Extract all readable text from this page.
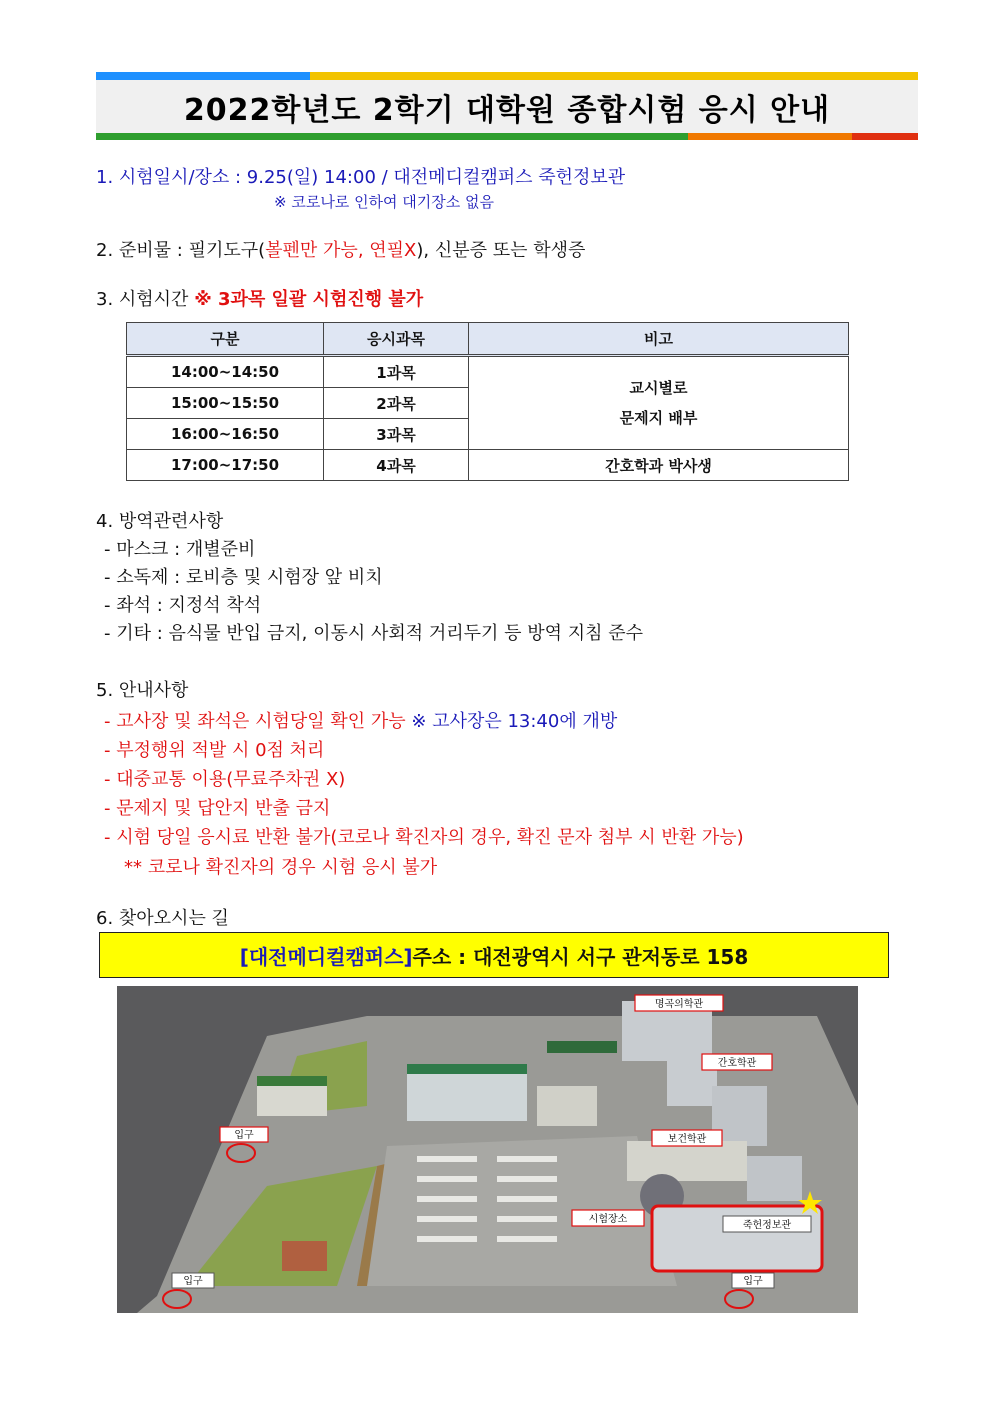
2022학년도 2학기 대학원 종합시험 응시 안내
1. 시험일시/장소 : 9.25(일) 14:00 / 대전메디컬캠퍼스 죽헌정보관
※ 코로나로 인하여 대기장소 없음
2. 준비물 : 필기도구(볼펜만 가능, 연필X), 신분증 또는 학생증
3. 시험시간 ※ 3과목 일괄 시험진행 불가
구분	응시과목	비고
14:00~14:50	1과목	교시별로
문제지 배부

15:00~15:50	2과목	
16:00~16:50	3과목	
17:00~17:50	4과목	간호학과 박사생
4. 방역관련사항
- 마스크 : 개별준비
- 소독제 : 로비층 및 시험장 앞 비치
- 좌석 : 지정석 착석
- 기타 : 음식물 반입 금지, 이동시 사회적 거리두기 등 방역 지침 준수
5. 안내사항
- 고사장 및 좌석은 시험당일 확인 가능 ※ 고사장은 13:40에 개방
- 부정행위 적발 시 0점 처리
- 대중교통 이용(무료주차권 X)
- 문제지 및 답안지 반출 금지
- 시험 당일 응시료 반환 불가(코로나 확진자의 경우, 확진 문자 첨부 시 반환 가능)
** 코로나 확진자의 경우 시험 응시 불가
6. 찾아오시는 길
[대전메디컬캠퍼스] 주소 : 대전광역시 서구 관저동로 158
명곡의학관
간호학관
보건학관
시험장소
죽헌정보관
입구
입구	입구
